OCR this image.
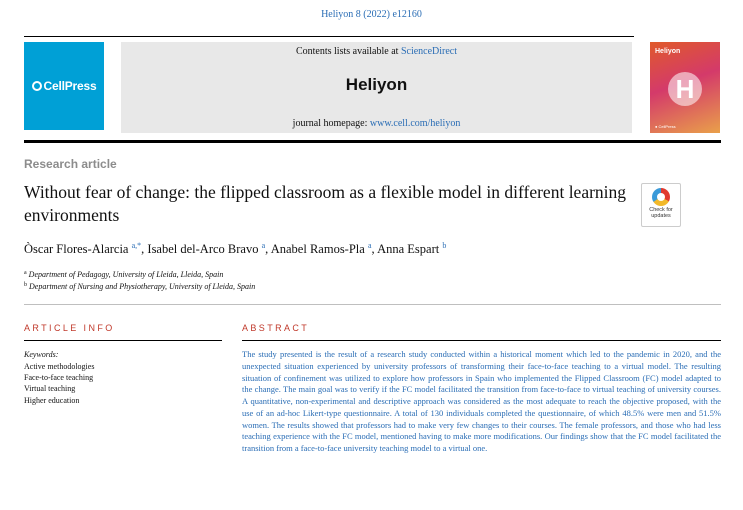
Heliyon 8 (2022) e12160
CellPress
Contents lists available at ScienceDirect
Heliyon
journal homepage: www.cell.com/heliyon
Heliyon
H
● CellPress
Research article
Without fear of change: the flipped classroom as a flexible model in different learning environments	Check for
updates
Òscar Flores-Alarcia $^{a,*}$, Isabel del-Arco Bravo $^a$, Anabel Ramos-Pla $^a$, Anna Espart $^b$
$^a$ Department of Pedagogy, University of Lleida, Lleida, Spain
$^b$ Department of Nursing and Physiotherapy, University of Lleida, Spain
ARTICLE INFO	ABSTRACT
Keywords:
Active methodologies
Face-to-face teaching
Virtual teaching
Higher education

The study presented is the result of a research study conducted within a historical moment which led to the pandemic in 2020, and the unexpected situation experienced by university professors of transforming their face-to-face teaching to a virtual model. The resulting situation of confinement was utilized to explore how professors in Spain who implemented the Flipped Classroom (FC) model adapted to the change. The main goal was to verify if the FC model facilitated the transition from face-to-face to virtual teaching of university courses. A quantitative, non-experimental and descriptive approach was considered as the most adequate to reach the objective proposed, with the use of an ad-hoc Likert-type questionnaire. A total of 130 individuals completed the questionnaire, of which 48.5% were men and 51.5% women. The results showed that professors had to make very few changes to their courses. The female professors, and those who had less teaching experience with the FC model, mentioned having to make more modifications. Our findings show that the FC model facilitated the transition from a face-to-face university teaching model to a virtual one.
